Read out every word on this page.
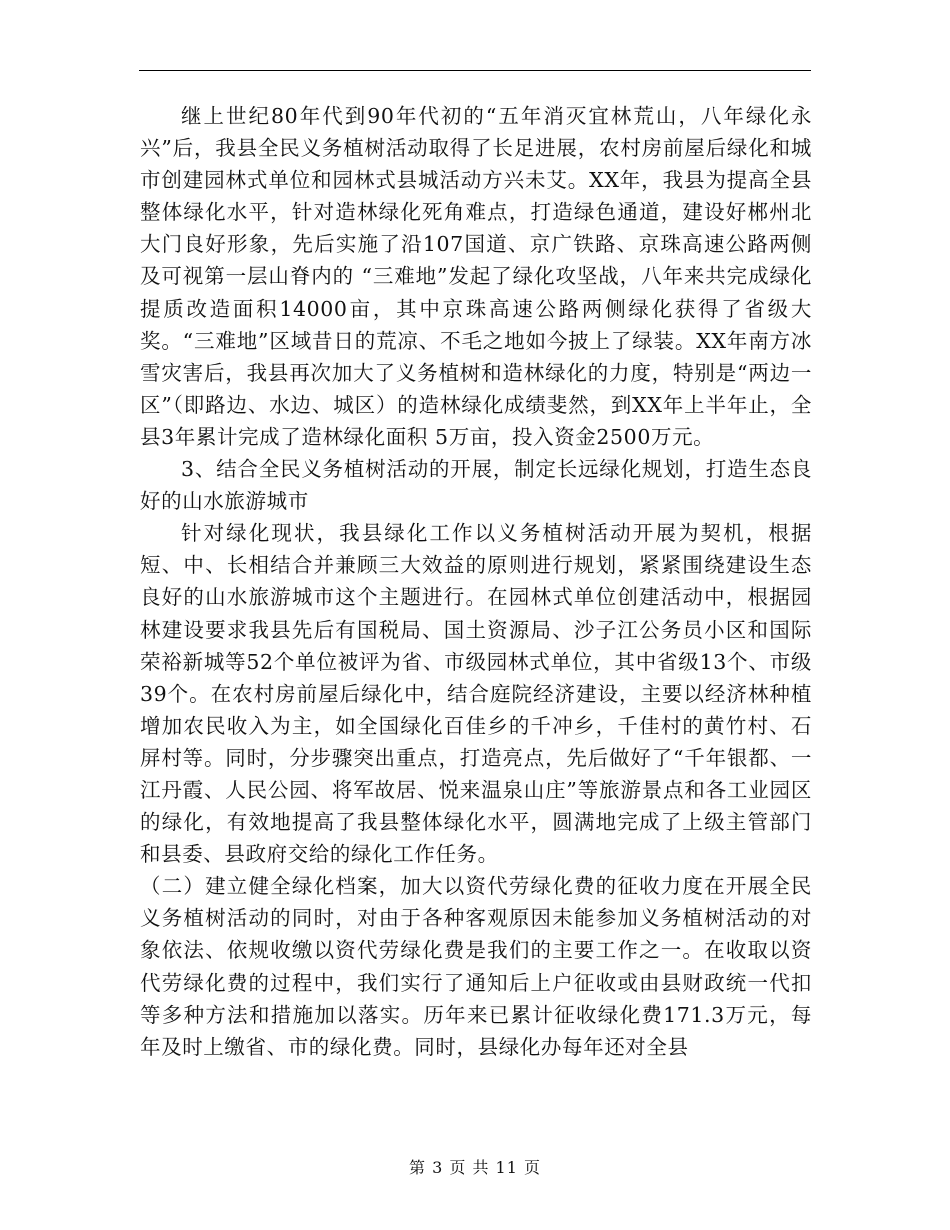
继上世纪80年代到90年代初的“五年消灭宜林荒山，八年绿化永兴”后，我县全民义务植树活动取得了长足进展，农村房前屋后绿化和城市创建园林式单位和园林式县城活动方兴未艾。XX年，我县为提高全县整体绿化水平，针对造林绿化死角难点，打造绿色通道，建设好郴州北大门良好形象，先后实施了沿107国道、京广铁路、京珠高速公路两侧及可视第一层山脊内的 “三难地”发起了绿化攻坚战，八年来共完成绿化提质改造面积14000亩，其中京珠高速公路两侧绿化获得了省级大奖。“三难地”区域昔日的荒凉、不毛之地如今披上了绿装。XX年南方冰雪灾害后，我县再次加大了义务植树和造林绿化的力度，特别是“两边一区”（即路边、水边、城区）的造林绿化成绩斐然，到XX年上半年止，全县3年累计完成了造林绿化面积 5万亩，投入资金2500万元。

3、结合全民义务植树活动的开展，制定长远绿化规划，打造生态良好的山水旅游城市

针对绿化现状，我县绿化工作以义务植树活动开展为契机，根据短、中、长相结合并兼顾三大效益的原则进行规划，紧紧围绕建设生态良好的山水旅游城市这个主题进行。在园林式单位创建活动中，根据园林建设要求我县先后有国税局、国土资源局、沙子江公务员小区和国际荣裕新城等52个单位被评为省、市级园林式单位，其中省级13个、市级39个。在农村房前屋后绿化中，结合庭院经济建设，主要以经济林种植增加农民收入为主，如全国绿化百佳乡的千冲乡，千佳村的黄竹村、石屏村等。同时，分步骤突出重点，打造亮点，先后做好了“千年银都、一江丹霞、人民公园、将军故居、悦来温泉山庄”等旅游景点和各工业园区的绿化，有效地提高了我县整体绿化水平，圆满地完成了上级主管部门和县委、县政府交给的绿化工作任务。

（二）建立健全绿化档案，加大以资代劳绿化费的征收力度在开展全民义务植树活动的同时，对由于各种客观原因未能参加义务植树活动的对象依法、依规收缴以资代劳绿化费是我们的主要工作之一。在收取以资代劳绿化费的过程中，我们实行了通知后上户征收或由县财政统一代扣等多种方法和措施加以落实。历年来已累计征收绿化费171.3万元，每年及时上缴省、市的绿化费。同时，县绿化办每年还对全县

第 3 页 共 11 页
